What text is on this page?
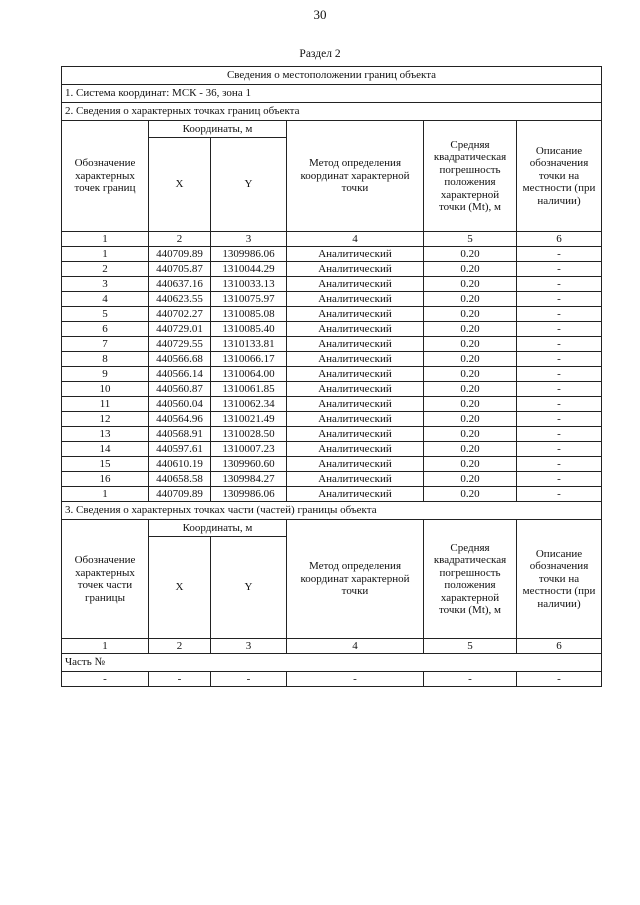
30
Раздел 2
Сведения о местоположении границ объекта					
1. Система координат: МСК - 36, зона 1					
2. Сведения о характерных точках границ объекта					
Обозначение характерных точек границ	Координаты, м		Метод определения координат характерной точки	Средняя квадратическая погрешность положения характерной точки (Mt), м	Описание обозначения точки на местности (при наличии)
	X	Y			
1	2	3	4	5	6
1	440709.89	1309986.06	Аналитический	0.20	-
2	440705.87	1310044.29	Аналитический	0.20	-
3	440637.16	1310033.13	Аналитический	0.20	-
4	440623.55	1310075.97	Аналитический	0.20	-
5	440702.27	1310085.08	Аналитический	0.20	-
6	440729.01	1310085.40	Аналитический	0.20	-
7	440729.55	1310133.81	Аналитический	0.20	-
8	440566.68	1310066.17	Аналитический	0.20	-
9	440566.14	1310064.00	Аналитический	0.20	-
10	440560.87	1310061.85	Аналитический	0.20	-
11	440560.04	1310062.34	Аналитический	0.20	-
12	440564.96	1310021.49	Аналитический	0.20	-
13	440568.91	1310028.50	Аналитический	0.20	-
14	440597.61	1310007.23	Аналитический	0.20	-
15	440610.19	1309960.60	Аналитический	0.20	-
16	440658.58	1309984.27	Аналитический	0.20	-
1	440709.89	1309986.06	Аналитический	0.20	-
3. Сведения о характерных точках части (частей) границы объекта					
Обозначение характерных точек части границы	Координаты, м		Метод определения координат характерной точки	Средняя квадратическая погрешность положения характерной точки (Mt), м	Описание обозначения точки на местности (при наличии)
	X	Y			
1	2	3	4	5	6
Часть №					
-	-	-	-	-	-
